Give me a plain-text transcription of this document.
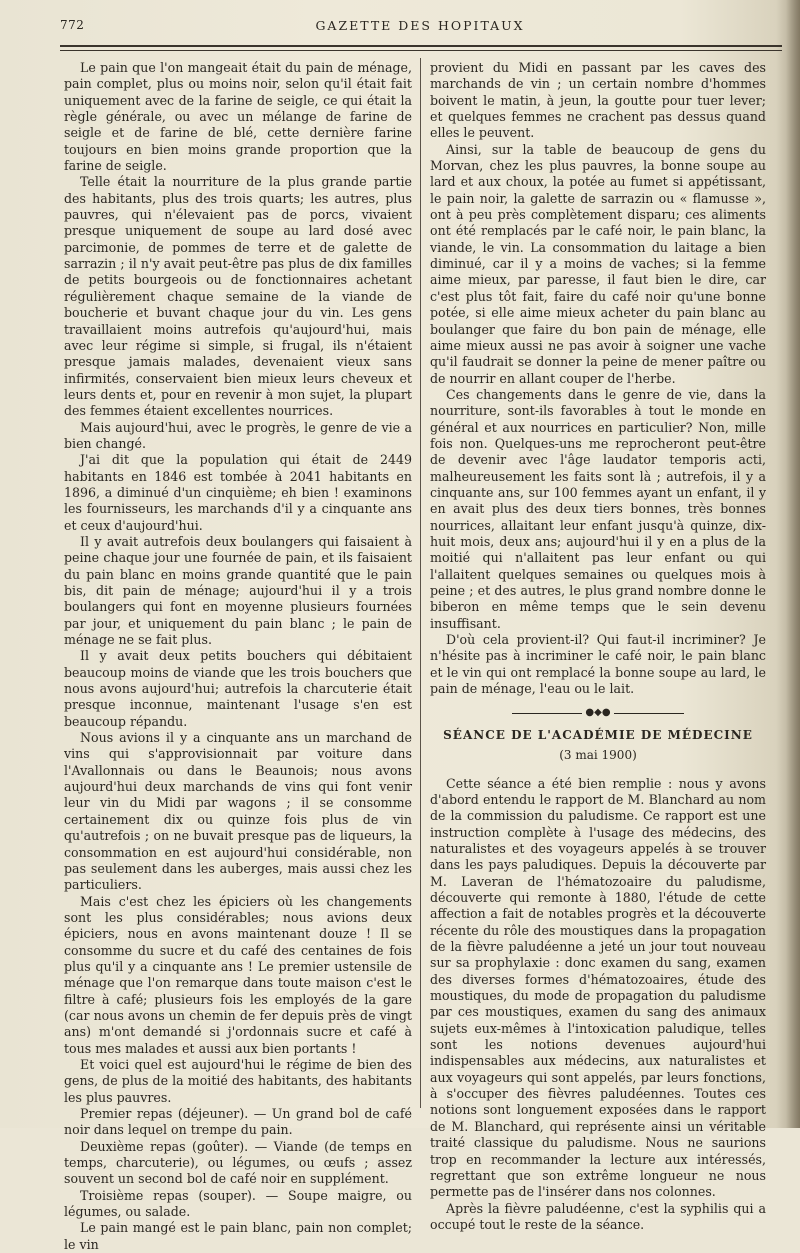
772	GAZETTE DES HOPITAUX

Le pain que l'on mangeait était du pain de ménage, pain complet, plus ou moins noir, selon qu'il était fait uniquement avec de la farine de seigle, ce qui était la règle générale, ou avec un mélange de farine de seigle et de farine de blé, cette dernière farine toujours en bien moins grande proportion que la farine de seigle.

Telle était la nourriture de la plus grande partie des habitants, plus des trois quarts; les autres, plus pauvres, qui n'élevaient pas de porcs, vivaient presque uniquement de soupe au lard dosé avec parcimonie, de pommes de terre et de galette de sarrazin ; il n'y avait peut-être pas plus de dix familles de petits bourgeois ou de fonctionnaires achetant régulièrement chaque semaine de la viande de boucherie et buvant chaque jour du vin. Les gens travaillaient moins autrefois qu'aujourd'hui, mais avec leur régime si simple, si frugal, ils n'étaient presque jamais malades, devenaient vieux sans infirmités, conservaient bien mieux leurs cheveux et leurs dents et, pour en revenir à mon sujet, la plupart des femmes étaient excellentes nourrices.

Mais aujourd'hui, avec le progrès, le genre de vie a bien changé.

J'ai dit que la population qui était de 2449 habitants en 1846 est tombée à 2041 habitants en 1896, a diminué d'un cinquième; eh bien ! examinons les fournisseurs, les marchands d'il y a cinquante ans et ceux d'aujourd'hui.

Il y avait autrefois deux boulangers qui faisaient à peine chaque jour une fournée de pain, et ils faisaient du pain blanc en moins grande quantité que le pain bis, dit pain de ménage; aujourd'hui il y a trois boulangers qui font en moyenne plusieurs fournées par jour, et uniquement du pain blanc ; le pain de ménage ne se fait plus.

Il y avait deux petits bouchers qui débitaient beaucoup moins de viande que les trois bouchers que nous avons aujourd'hui; autrefois la charcuterie était presque inconnue, maintenant l'usage s'en est beaucoup répandu.

Nous avions il y a cinquante ans un marchand de vins qui s'approvisionnait par voiture dans l'Avallonnais ou dans le Beaunois; nous avons aujourd'hui deux marchands de vins qui font venir leur vin du Midi par wagons ; il se consomme certainement dix ou quinze fois plus de vin qu'autrefois ; on ne buvait presque pas de liqueurs, la consommation en est aujourd'hui considérable, non pas seulement dans les auberges, mais aussi chez les particuliers.

Mais c'est chez les épiciers où les changements sont les plus considérables; nous avions deux épiciers, nous en avons maintenant douze ! Il se consomme du sucre et du café des centaines de fois plus qu'il y a cinquante ans ! Le premier ustensile de ménage que l'on remarque dans toute maison c'est le filtre à café; plusieurs fois les employés de la gare (car nous avons un chemin de fer depuis près de vingt ans) m'ont demandé si j'ordonnais sucre et café à tous mes malades et aussi aux bien portants !

Et voici quel est aujourd'hui le régime de bien des gens, de plus de la moitié des habitants, des habitants les plus pauvres.

Premier repas (déjeuner). — Un grand bol de café noir dans lequel on trempe du pain.

Deuxième repas (goûter). — Viande (de temps en temps, charcuterie), ou légumes, ou œufs ; assez souvent un second bol de café noir en supplément.

Troisième repas (souper). — Soupe maigre, ou légumes, ou salade.

Le pain mangé est le pain blanc, pain non complet; le vin

provient du Midi en passant par les caves des marchands de vin ; un certain nombre d'hommes boivent le matin, à jeun, la goutte pour tuer lever; et quelques femmes ne crachent pas dessus quand elles le peuvent.

Ainsi, sur la table de beaucoup de gens du Morvan, chez les plus pauvres, la bonne soupe au lard et aux choux, la potée au fumet si appétissant, le pain noir, la galette de sarrazin ou « flamusse », ont à peu près complètement disparu; ces aliments ont été remplacés par le café noir, le pain blanc, la viande, le vin. La consommation du laitage a bien diminué, car il y a moins de vaches; si la femme aime mieux, par paresse, il faut bien le dire, car c'est plus tôt fait, faire du café noir qu'une bonne potée, si elle aime mieux acheter du pain blanc au boulanger que faire du bon pain de ménage, elle aime mieux aussi ne pas avoir à soigner une vache qu'il faudrait se donner la peine de mener paître ou de nourrir en allant couper de l'herbe.

Ces changements dans le genre de vie, dans la nourriture, sont-ils favorables à tout le monde en général et aux nourrices en particulier? Non, mille fois non. Quelques-uns me reprocheront peut-être de devenir avec l'âge laudator temporis acti, malheureusement les faits sont là ; autrefois, il y a cinquante ans, sur 100 femmes ayant un enfant, il y en avait plus des deux tiers bonnes, très bonnes nourrices, allaitant leur enfant jusqu'à quinze, dix-huit mois, deux ans; aujourd'hui il y en a plus de la moitié qui n'allaitent pas leur enfant ou qui l'allaitent quelques semaines ou quelques mois à peine ; et des autres, le plus grand nombre donne le biberon en même temps que le sein devenu insuffisant.

D'où cela provient-il? Qui faut-il incriminer? Je n'hésite pas à incriminer le café noir, le pain blanc et le vin qui ont remplacé la bonne soupe au lard, le pain de ménage, l'eau ou le lait.

●◆●
SÉANCE DE L'ACADÉMIE DE MÉDECINE
(3 mai 1900)

Cette séance a été bien remplie : nous y avons d'abord entendu le rapport de M. Blanchard au nom de la commission du paludisme. Ce rapport est une instruction complète à l'usage des médecins, des naturalistes et des voyageurs appelés à se trouver dans les pays paludiques. Depuis la découverte par M. Laveran de l'hématozoaire du paludisme, découverte qui remonte à 1880, l'étude de cette affection a fait de notables progrès et la découverte récente du rôle des moustiques dans la propagation de la fièvre paludéenne a jeté un jour tout nouveau sur sa prophylaxie : donc examen du sang, examen des diverses formes d'hématozoaires, étude des moustiques, du mode de propagation du paludisme par ces moustiques, examen du sang des animaux sujets eux-mêmes à l'intoxication paludique, telles sont les notions devenues aujourd'hui indispensables aux médecins, aux naturalistes et aux voyageurs qui sont appelés, par leurs fonctions, à s'occuper des fièvres paludéennes. Toutes ces notions sont longuement exposées dans le rapport de M. Blanchard, qui représente ainsi un véritable traité classique du paludisme. Nous ne saurions trop en recommander la lecture aux intéressés, regrettant que son extrême longueur ne nous permette pas de l'insérer dans nos colonnes.

Après la fièvre paludéenne, c'est la syphilis qui a occupé tout le reste de la séance.
